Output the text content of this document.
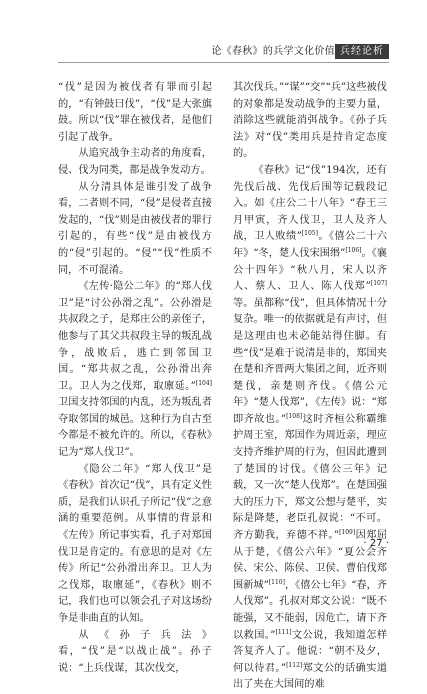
论《春秋》的兵学文化价值 兵经论析

“伐”是因为被伐者有罪而引起的，“有钟鼓曰伐”，“伐”是大张旗鼓。所以“伐”罪在被伐者，是他们引起了战争。

从追究战争主动者的角度看，侵、伐为同类，都是战争发动方。

从分清具体是谁引发了战争看，二者则不同，“侵”是侵者直接发起的，“伐”则是由被伐者的罪行引起的，有些“伐”是由被伐方的“侵”引起的。“侵”“伐”性质不同，不可混淆。

《左传·隐公二年》的“郑人伐卫”是“讨公孙滑之乱”。公孙滑是共叔段之子，是郑庄公的亲侄子，他参与了其父共叔段主导的叛乱战争，战败后，逃亡到邻国卫国。“郑共叔之乱，公孙滑出奔卫。卫人为之伐郑，取廪延。”[104]卫国支持邻国的内乱，还为叛乱者夺取邻国的城邑。这种行为自古至今都是不被允许的。所以，《春秋》记为“郑人伐卫”。

《隐公二年》“郑人伐卫”是《春秋》首次记“伐”，具有定义性质，是我们认识孔子所记“伐”之意涵的重要范例。从事情的背景和《左传》所记事实看，孔子对郑国伐卫是肯定的。有意思的是对《左传》所记“公孙滑出奔卫。卫人为之伐郑，取廪延”，《春秋》则不记，我们也可以领会孔子对这场纷争是非曲直的认知。

从《孙子兵法》看，“伐”是“以战止战”。孙子说：“上兵伐谋，其次伐交，

其次伐兵。”“谋”“交”“兵”这些被伐的对象都是发动战争的主要力量，消除这些就能消弭战争。《孙子兵法》对“伐”类用兵是持肯定态度的。

《春秋》记“伐”194次，还有先伐后战、先伐后围等记载段记入。如《庄公二十八年》“春王三月甲寅，齐人伐卫，卫人及齐人战，卫人败绩”[105]。《僖公二十六年》“冬，楚人伐宋围缗”[106]。《襄公十四年》“秋八月，宋人以齐人、蔡人、卫人、陈人伐郑”[107]等。虽都称“伐”，但具体情况十分复杂。唯一的依据就是有声讨，但是这理由也未必能站得住脚。有些“伐”是难于说清是非的，郑国夹在楚和齐晋两大集团之间，近齐则楚伐，亲楚则齐伐。《僖公元年》“楚人伐郑”，《左传》说：“郑即齐故也。”[108]这时齐桓公称霸维护周王室，郑国作为周近亲，理应支持齐维护周的行为，但因此遭到了楚国的讨伐。《僖公三年》记载，又一次“楚人伐郑”。在楚国强大的压力下，郑文公想与楚平，实际是降楚，老臣孔叔说：“不可。齐方勤我，弃德不祥。”[109]因郑屈从于楚，《僖公六年》“夏公会齐侯、宋公、陈侯、卫侯、曹伯伐郑围新城”[110]，《僖公七年》“春，齐人伐郑”。孔叔对郑文公说：“既不能强，又不能弱，因危亡，请下齐以救国。”[111]文公说，我知道怎样答复齐人了。他说：“朝不及夕，何以待君。”[112]郑文公的话确实道出了夹在大国间的难

· 27 ·
